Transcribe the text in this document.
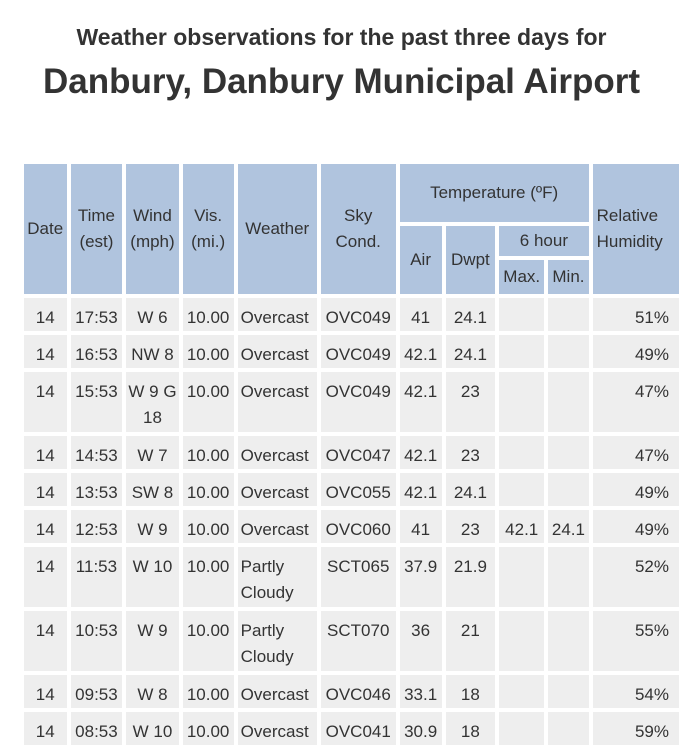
Weather observations for the past three days for
Danbury, Danbury Municipal Airport
Date	Time (est)	Wind (mph)	Vis. (mi.)	Weather	Sky Cond.	Temperature (ºF)				Relative Humidity
						Air	Dwpt	6 hour		
								Max.	Min.	
14	17:53	W 6	10.00	Overcast	OVC049	41	24.1			51%
14	16:53	NW 8	10.00	Overcast	OVC049	42.1	24.1			49%
14	15:53	W 9 G 18	10.00	Overcast	OVC049	42.1	23			47%
14	14:53	W 7	10.00	Overcast	OVC047	42.1	23			47%
14	13:53	SW 8	10.00	Overcast	OVC055	42.1	24.1			49%
14	12:53	W 9	10.00	Overcast	OVC060	41	23	42.1	24.1	49%
14	11:53	W 10	10.00	Partly Cloudy	SCT065	37.9	21.9			52%
14	10:53	W 9	10.00	Partly Cloudy	SCT070	36	21			55%
14	09:53	W 8	10.00	Overcast	OVC046	33.1	18			54%
14	08:53	W 10	10.00	Overcast	OVC041	30.9	18			59%
